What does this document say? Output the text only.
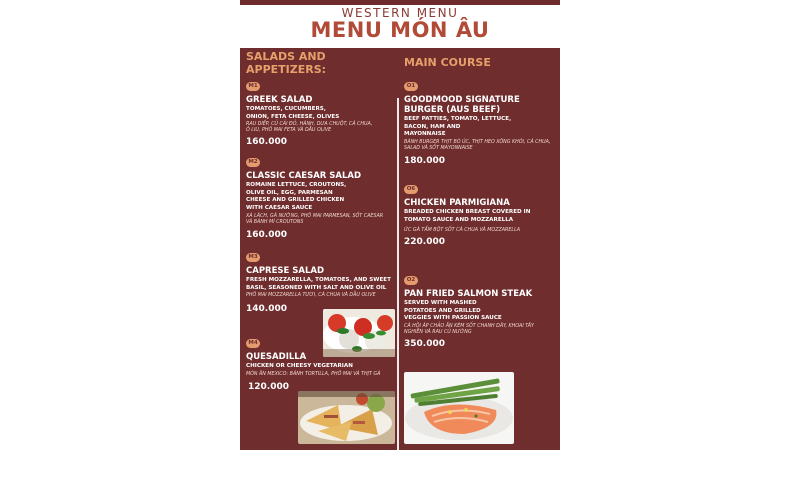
WESTERN MENU
MENU MÓN ÂU
SALADS AND
APPETIZERS:
M1
GREEK SALAD
TOMATOES, CUCUMBERS,
ONION, FETA CHEESE, OLIVES
RAU DIẾP, CỦ CẢI ĐỎ, HÀNH, DƯA CHUỘT, CÀ CHUA,
Ô LIU, PHÔ MAI FETA VÀ DẦU OLIVE
160.000
M2
CLASSIC CAESAR SALAD
ROMAINE LETTUCE, CROUTONS,
OLIVE OIL, EGG, PARMESAN
CHEESE AND GRILLED CHICKEN
WITH CAESAR SAUCE
XÀ LÁCH, GÀ NƯỚNG, PHÔ MAI PARMESAN, SỐT CAESAR
VÀ BÁNH MÌ CROUTONS
160.000
M3
CAPRESE SALAD
FRESH MOZZARELLA, TOMATOES, AND SWEET
BASIL, SEASONED WITH SALT AND OLIVE OIL
PHÔ MAI MOZZARELLA TƯƠI, CÀ CHUA VÀ DẦU OLIVE
140.000
M4
QUESADILLA
CHICKEN OR CHEESY VEGETARIAN
MÓN ĂN MEXICO: BÁNH TORTILLA, PHÔ MAI VÀ THỊT GÀ
120.000
MAIN COURSE
O1
GOODMOOD SIGNATURE
BURGER (AUS BEEF)
BEEF PATTIES, TOMATO, LETTUCE,
BACON, HAM AND
MAYONNAISE
BÁNH BURGER THỊT BÒ ÚC, THỊT HEO XÔNG KHÓI, CÀ CHUA,
SALAD VÀ SỐT MAYONNAISE
180.000
O6
CHICKEN PARMIGIANA
BREADED CHICKEN BREAST COVERED IN
TOMATO SAUCE AND MOZZARELLA
ỨC GÀ TẨM BỘT SỐT CÀ CHUA VÀ MOZZARELLA
220.000
O2
PAN FRIED SALMON STEAK
SERVED WITH MASHED
POTATOES AND GRILLED
VEGGIES WITH PASSION SAUCE
CÁ HỒI ÁP CHẢO ĂN KÈM SỐT CHANH DÂY, KHOAI TÂY
NGHIỀN VÀ RAU CỦ NƯỚNG
350.000
